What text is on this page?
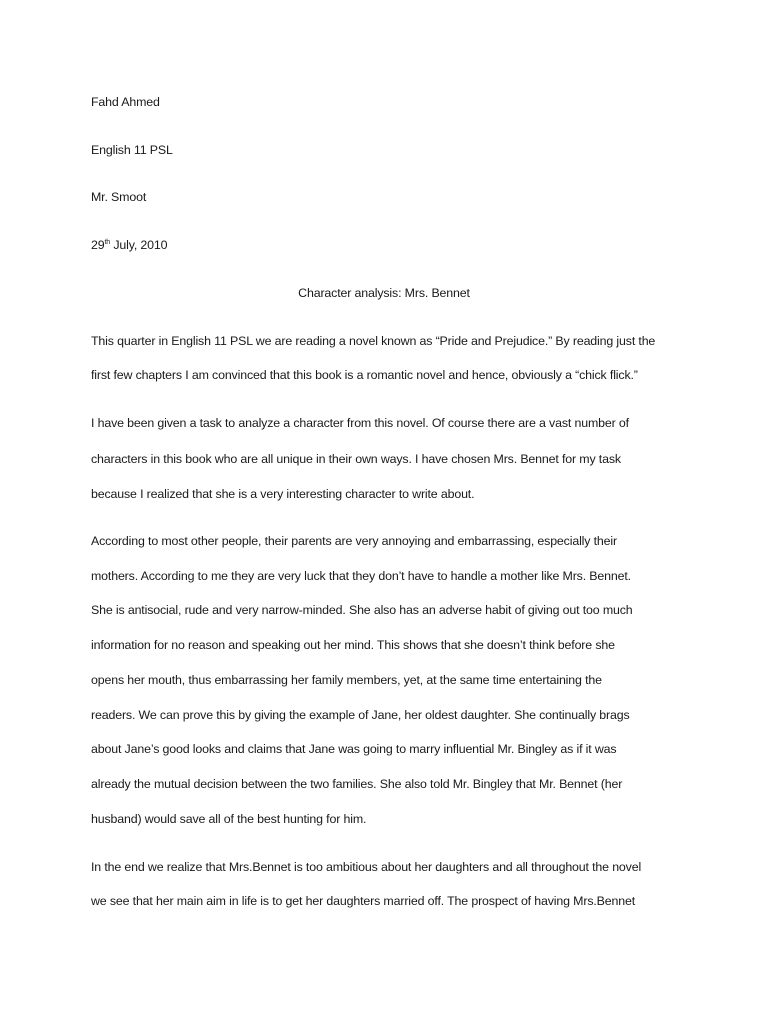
Fahd Ahmed
English 11 PSL
Mr. Smoot
29th July, 2010
Character analysis: Mrs. Bennet
This quarter in English 11 PSL we are reading a novel known as “Pride and Prejudice.” By reading just the
first few chapters I am convinced that this book is a romantic novel and hence, obviously a “chick flick.”
I have been given a task to analyze a character from this novel. Of course there are a vast number of
characters in this book who are all unique in their own ways. I have chosen Mrs. Bennet for my task
because I realized that she is a very interesting character to write about.
According to most other people, their parents are very annoying and embarrassing, especially their
mothers. According to me they are very luck that they don’t have to handle a mother like Mrs. Bennet.
She is antisocial, rude and very narrow-minded. She also has an adverse habit of giving out too much
information for no reason and speaking out her mind. This shows that she doesn’t think before she
opens her mouth, thus embarrassing her family members, yet, at the same time entertaining the
readers. We can prove this by giving the example of Jane, her oldest daughter. She continually brags
about Jane’s good looks and claims that Jane was going to marry influential Mr. Bingley as if it was
already the mutual decision between the two families. She also told Mr. Bingley that Mr. Bennet (her
husband) would save all of the best hunting for him.
In the end we realize that Mrs.Bennet is too ambitious about her daughters and all throughout the novel
we see that her main aim in life is to get her daughters married off. The prospect of having Mrs.Bennet
